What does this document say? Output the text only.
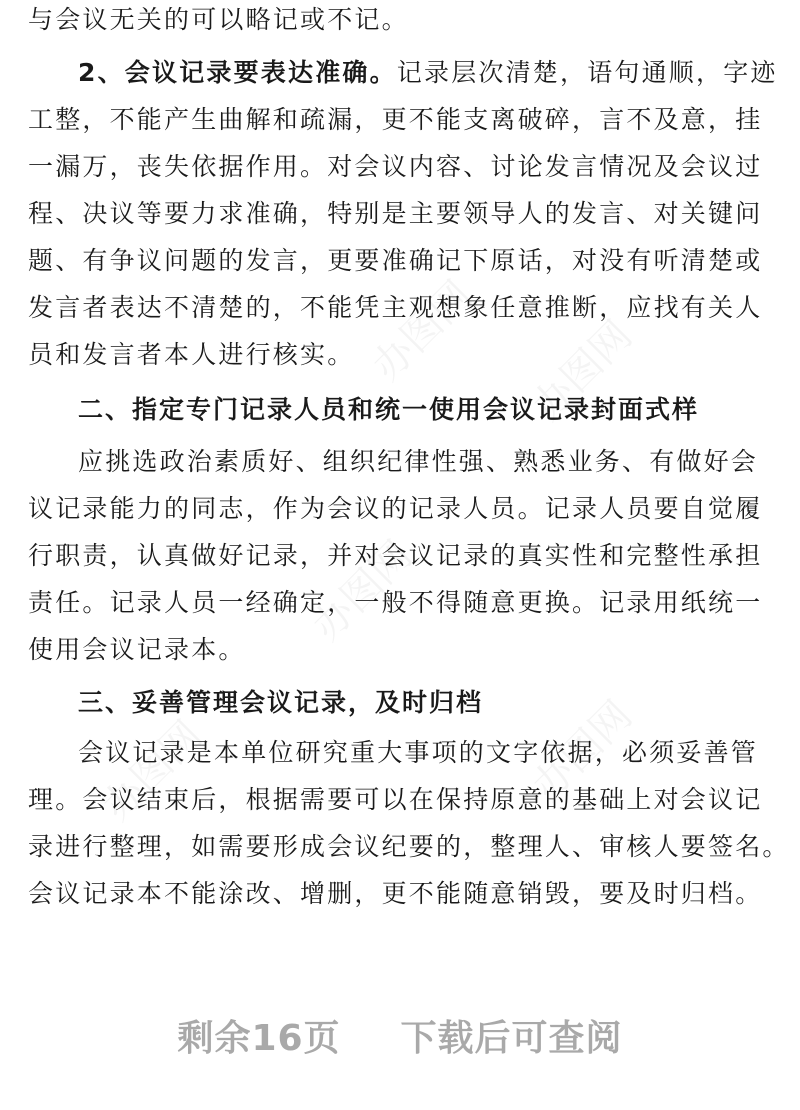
与会议无关的可以略记或不记。
2、会议记录要表达准确。记录层次清楚，语句通顺，字迹
工整，不能产生曲解和疏漏，更不能支离破碎，言不及意，挂
一漏万，丧失依据作用。对会议内容、讨论发言情况及会议过
程、决议等要力求准确，特别是主要领导人的发言、对关键问
题、有争议问题的发言，更要准确记下原话，对没有听清楚或
发言者表达不清楚的，不能凭主观想象任意推断，应找有关人
员和发言者本人进行核实。
二、指定专门记录人员和统一使用会议记录封面式样
应挑选政治素质好、组织纪律性强、熟悉业务、有做好会
议记录能力的同志，作为会议的记录人员。记录人员要自觉履
行职责，认真做好记录，并对会议记录的真实性和完整性承担
责任。记录人员一经确定，一般不得随意更换。记录用纸统一
使用会议记录本。
三、妥善管理会议记录，及时归档
会议记录是本单位研究重大事项的文字依据，必须妥善管
理。会议结束后，根据需要可以在保持原意的基础上对会议记
录进行整理，如需要形成会议纪要的，整理人、审核人要签名。
会议记录本不能涂改、增删，更不能随意销毁，要及时归档。
剩余16页 下载后可查阅
